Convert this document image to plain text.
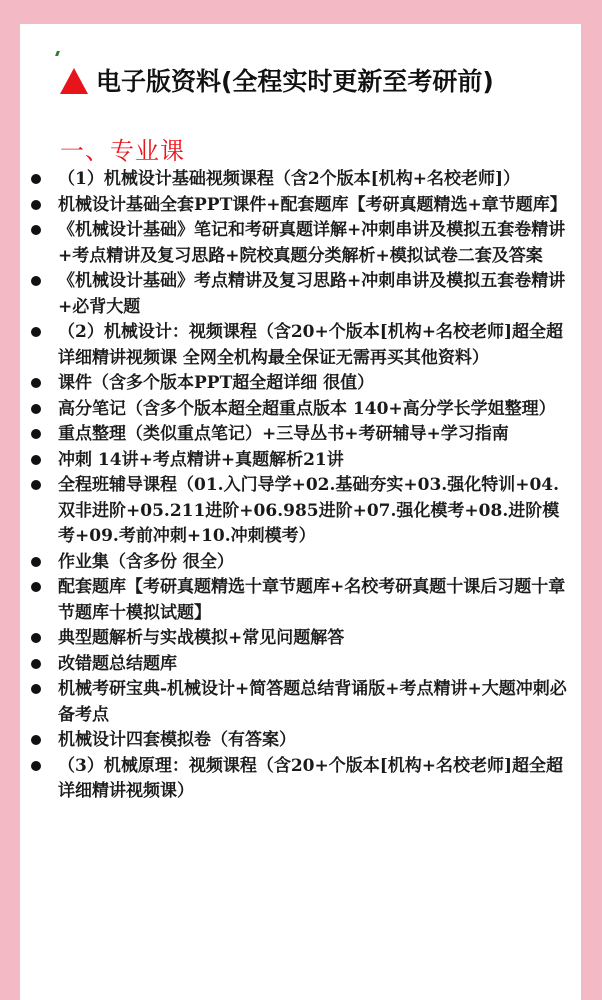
电子版资料(全程实时更新至考研前)
一、专业课
（1）机械设计基础视频课程（含2个版本[机构+名校老师]）
机械设计基础全套PPT课件+配套题库【考研真题精选+章节题库】
《机械设计基础》笔记和考研真题详解+冲刺串讲及模拟五套卷精讲+考点精讲及复习思路+院校真题分类解析+模拟试卷二套及答案
《机械设计基础》考点精讲及复习思路+冲刺串讲及模拟五套卷精讲+必背大题
（2）机械设计：视频课程（含20+个版本[机构+名校老师]超全超详细精讲视频课 全网全机构最全保证无需再买其他资料）
课件（含多个版本PPT超全超详细 很值）
高分笔记（含多个版本超全超重点版本 140+高分学长学姐整理）
重点整理（类似重点笔记）+三导丛书+考研辅导+学习指南
冲刺 14讲+考点精讲+真题解析21讲
全程班辅导课程（01.入门导学+02.基础夯实+03.强化特训+04.双非进阶+05.211进阶+06.985进阶+07.强化模考+08.进阶模考+09.考前冲刺+10.冲刺模考）
作业集（含多份 很全）
配套题库【考研真题精选十章节题库+名校考研真题十课后习题十章节题库十模拟试题】
典型题解析与实战模拟+常见问题解答
改错题总结题库
机械考研宝典-机械设计+简答题总结背诵版+考点精讲+大题冲刺必备考点
机械设计四套模拟卷（有答案）
（3）机械原理：视频课程（含20+个版本[机构+名校老师]超全超详细精讲视频课）
